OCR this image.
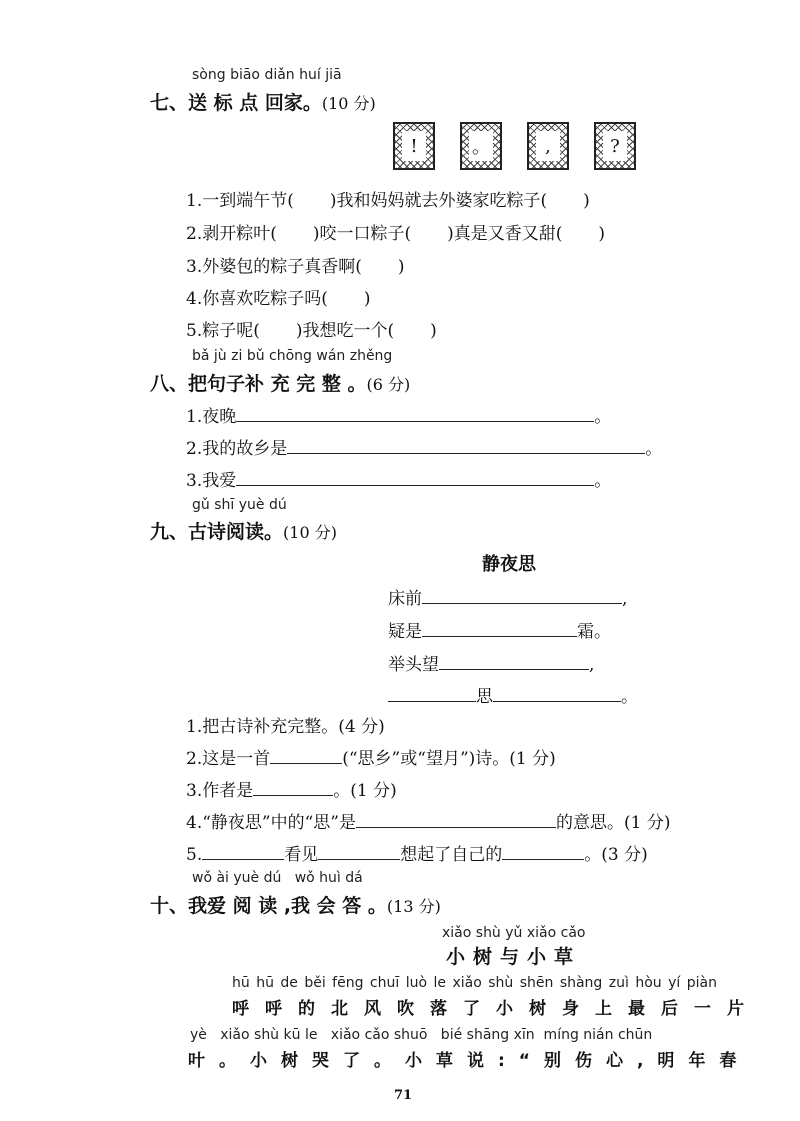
sòng biāo diǎn huí jiā
七、送 标 点 回家。(10 分)
!	。	,	?
1.一到端午节( )我和妈妈就去外婆家吃粽子( )
2.剥开粽叶( )咬一口粽子( )真是又香又甜( )
3.外婆包的粽子真香啊( )
4.你喜欢吃粽子吗( )
5.粽子呢( )我想吃一个( )
bǎ jù zi bǔ chōng wán zhěng
八、把句子补 充 完 整 。(6 分)
1.夜晚	。
2.我的故乡是	。
3.我爱	。
gǔ shī yuè dú
九、古诗阅读。(10 分)
静夜思
床前	,
疑是	霜。
举头望	,
思	。
1.把古诗补充完整。(4 分)
2.这是一首	(“思乡”或“望月”)诗。(1 分)
3.作者是	。(1 分)
4.“静夜思”中的“思”是	的意思。(1 分)
5.	看见	想起了自己的	。(3 分)
wǒ ài yuè dú   wǒ huì dá
十、我爱 阅 读 ,我 会 答 。(13 分)
xiǎo shù yǔ xiǎo cǎo
小树与小草
hū hū de běi fēng chuī luò le xiǎo shù shēn shàng zuì hòu yí piàn
呼呼的北风吹落了小树身上最后一片
yè   xiǎo shù kū le   xiǎo cǎo shuō   bié shāng xīn  míng nián chūn
叶。小树哭了。小草说:“别伤心,明年春
71
